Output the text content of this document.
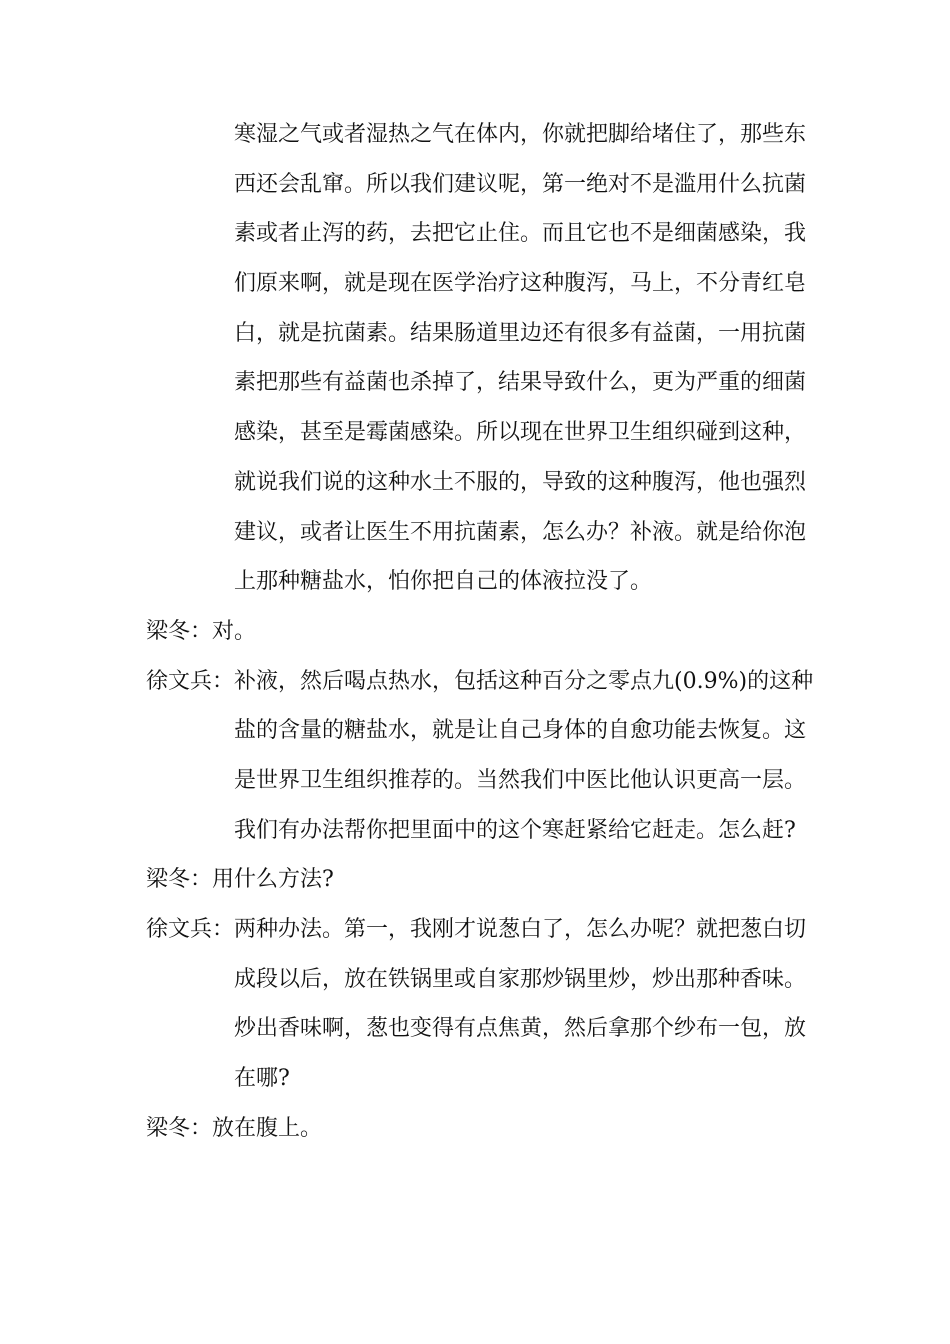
寒湿之气或者湿热之气在体内，你就把脚给堵住了，那些东
西还会乱窜。所以我们建议呢，第一绝对不是滥用什么抗菌
素或者止泻的药，去把它止住。而且它也不是细菌感染，我
们原来啊，就是现在医学治疗这种腹泻，马上，不分青红皂
白，就是抗菌素。结果肠道里边还有很多有益菌，一用抗菌
素把那些有益菌也杀掉了，结果导致什么，更为严重的细菌
感染，甚至是霉菌感染。所以现在世界卫生组织碰到这种，
就说我们说的这种水土不服的，导致的这种腹泻，他也强烈
建议，或者让医生不用抗菌素，怎么办？补液。就是给你泡
上那种糖盐水，怕你把自己的体液拉没了。
梁冬： 对。
徐文兵： 补液，然后喝点热水，包括这种百分之零点九(0.9%)的这种
盐的含量的糖盐水，就是让自己身体的自愈功能去恢复。这
是世界卫生组织推荐的。当然我们中医比他认识更高一层。
我们有办法帮你把里面中的这个寒赶紧给它赶走。怎么赶?
梁冬： 用什么方法?
徐文兵： 两种办法。第一，我刚才说葱白了，怎么办呢？就把葱白切
成段以后，放在铁锅里或自家那炒锅里炒，炒出那种香味。
炒出香味啊，葱也变得有点焦黄，然后拿那个纱布一包，放
在哪?
梁冬： 放在腹上。
